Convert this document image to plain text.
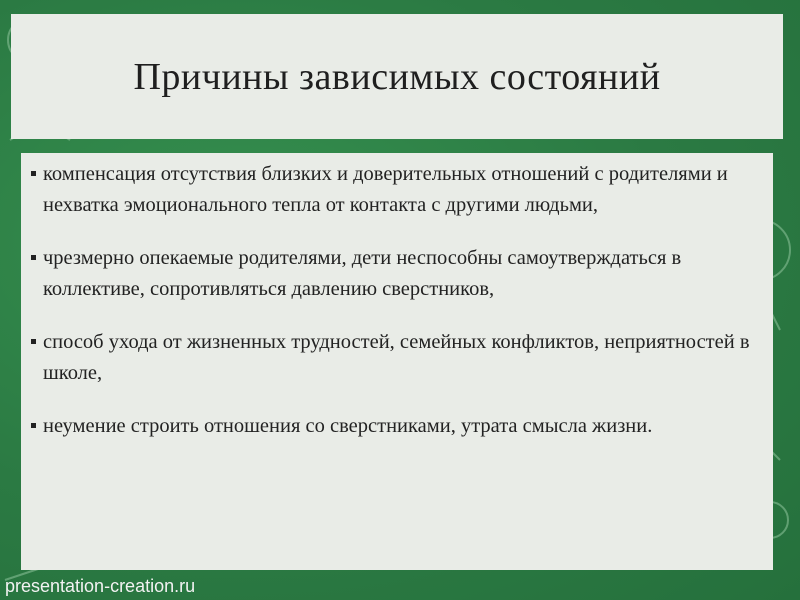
Причины зависимых состояний
компенсация отсутствия близких и доверительных отношений с родителями и нехватка эмоционального тепла от контакта с другими людьми,
чрезмерно опекаемые родителями, дети неспособны самоутверждаться в коллективе, сопротивляться давлению сверстников,
способ ухода от жизненных трудностей, семейных конфликтов, неприятностей в школе,
неумение строить отношения со сверстниками, утрата смысла жизни.
presentation-creation.ru
